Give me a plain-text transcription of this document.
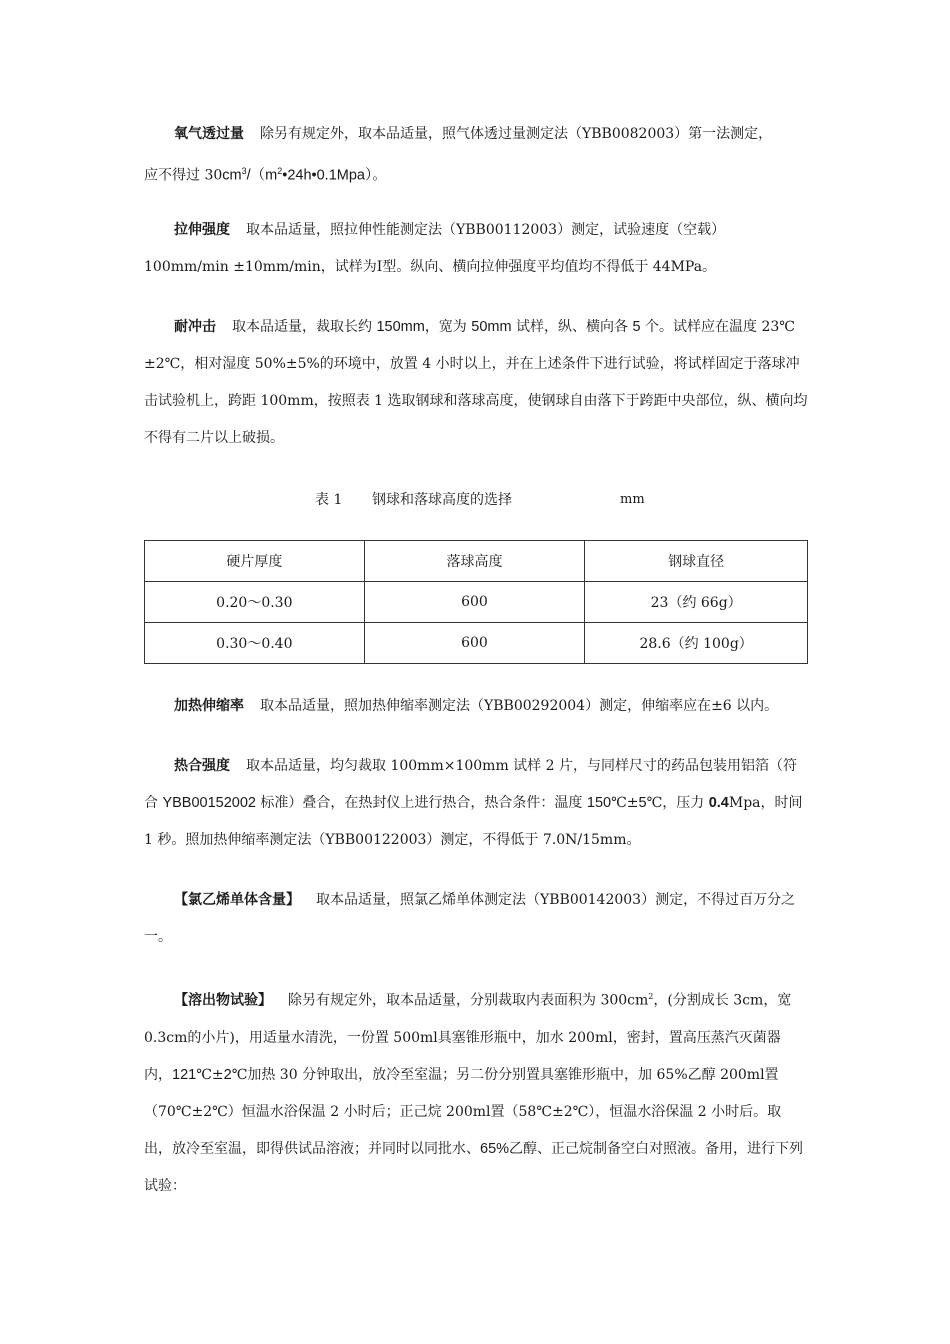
氧气透过量 除另有规定外，取本品适量，照气体透过量测定法（YBB0082003）第一法测定，
应不得过 $30cm^3/(m^2•24h•0.1Mpa)$。
拉伸强度 取本品适量，照拉伸性能测定法（YBB00112003）测定，试验速度（空载）100mm/min ±10mm/min，试样为Ⅰ型。纵向、横向拉伸强度平均值均不得低于 44MPa。
耐冲击 取本品适量，裁取长约 150mm，宽为 50mm 试样，纵、横向各 5 个。试样应在温度 23℃±2℃，相对湿度 50%±5%的环境中，放置 4 小时以上，并在上述条件下进行试验，将试样固定于落球冲击试验机上，跨距 100mm，按照表 1 选取钢球和落球高度，使钢球自由落下于跨距中央部位，纵、横向均不得有二片以上破损。
表 1 钢球和落球高度的选择	mm
硬片厚度	落球高度	钢球直径
0.20～0.30	600	23（约 66g）
0.30～0.40	600	28.6（约 100g）
加热伸缩率 取本品适量，照加热伸缩率测定法（YBB00292004）测定，伸缩率应在±6 以内。
热合强度 取本品适量，均匀裁取 100mm×100mm 试样 2 片，与同样尺寸的药品包装用铝箔（符合 YBB00152002 标准）叠合，在热封仪上进行热合，热合条件：温度 150℃±5℃，压力 0.4Mpa，时间 1 秒。照加热伸缩率测定法（YBB00122003）测定，不得低于 7.0N/15mm。
【氯乙烯单体含量】 取本品适量，照氯乙烯单体测定法（YBB00142003）测定，不得过百万分之一。
【溶出物试验】 除另有规定外，取本品适量，分别裁取内表面积为 $300cm^2$，(分割成长 3cm，宽 0.3cm的小片)，用适量水清洗，一份置 500ml具塞锥形瓶中，加水 200ml，密封，置高压蒸汽灭菌器内，121℃±2℃加热 30 分钟取出，放冷至室温；另二份分别置具塞锥形瓶中，加 65%乙醇 200ml置（70℃±2℃）恒温水浴保温 2 小时后；正己烷 200ml置（58℃±2℃），恒温水浴保温 2 小时后。取出，放冷至室温，即得供试品溶液；并同时以同批水、65%乙醇、正己烷制备空白对照液。备用，进行下列试验：
